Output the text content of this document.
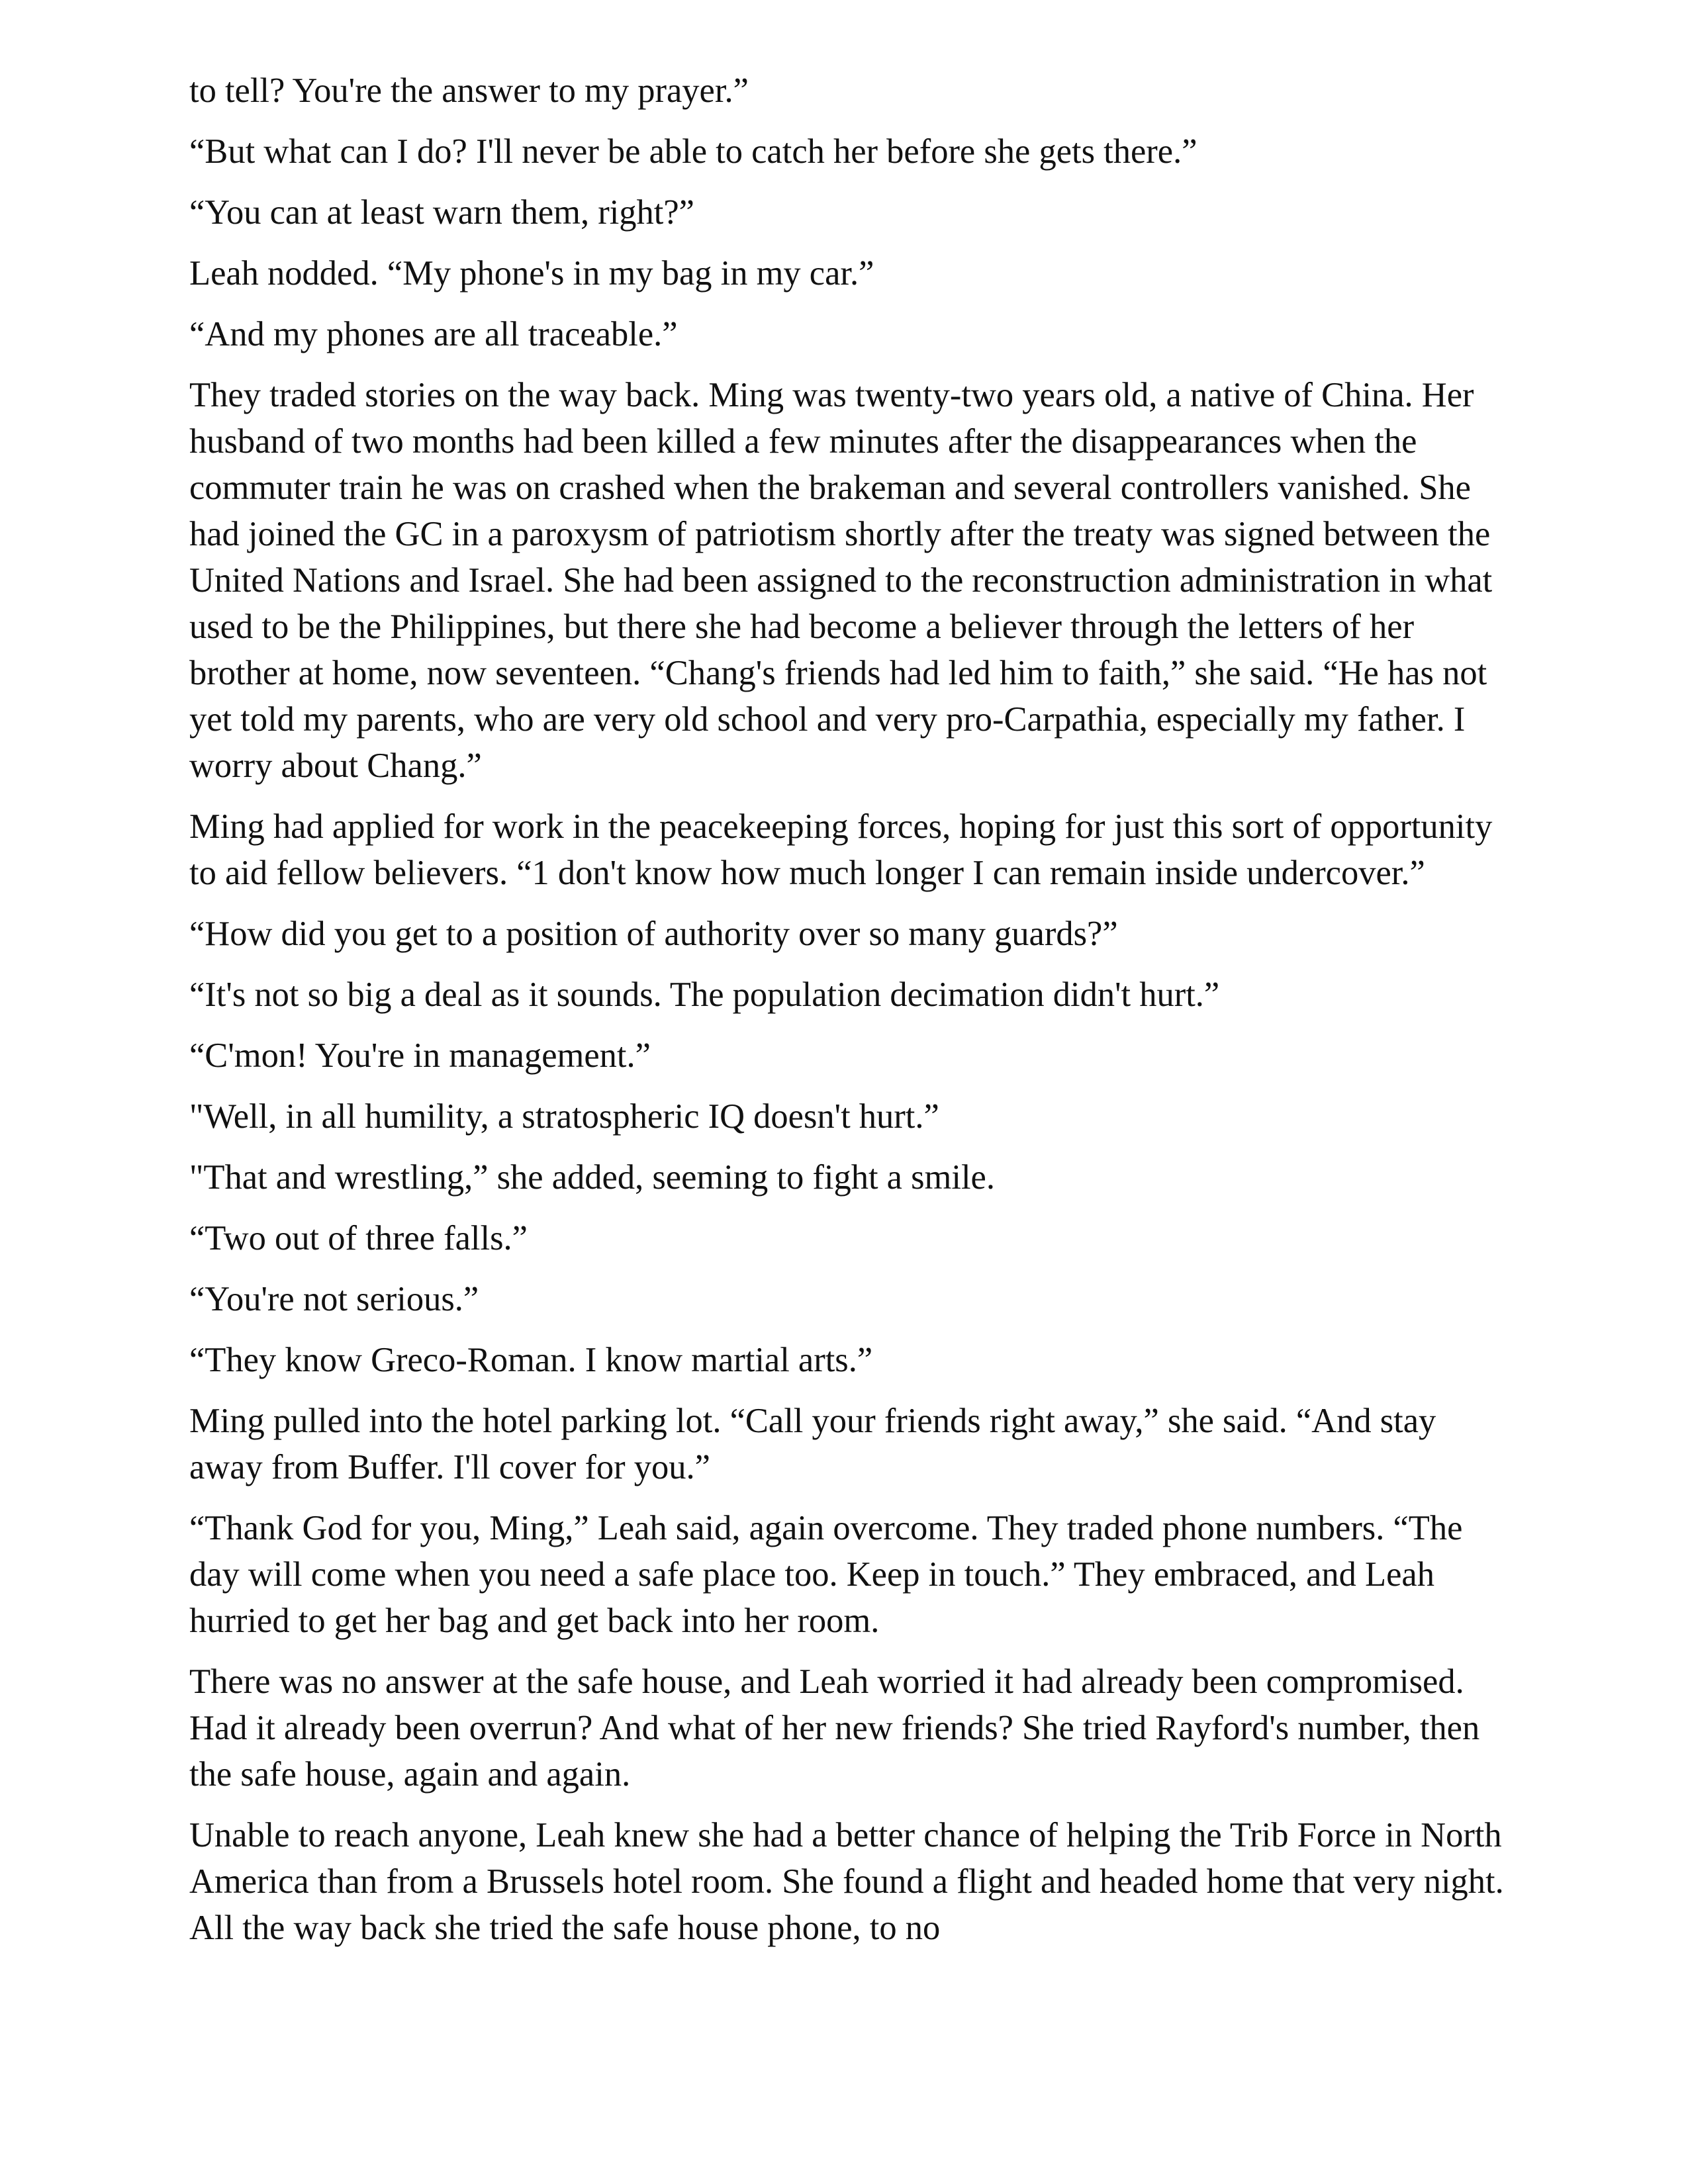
to tell? You're the answer to my prayer.”

“But what can I do? I'll never be able to catch her before she gets there.”

“You can at least warn them, right?”

Leah nodded. “My phone's in my bag in my car.”

“And my phones are all traceable.”

They traded stories on the way back. Ming was twenty-two years old, a native of China. Her husband of two months had been killed a few minutes after the disappearances when the commuter train he was on crashed when the brakeman and several controllers vanished. She had joined the GC in a paroxysm of patriotism shortly after the treaty was signed between the United Nations and Israel. She had been assigned to the reconstruction administration in what used to be the Philippines, but there she had become a believer through the letters of her brother at home, now seventeen. “Chang's friends had led him to faith,” she said. “He has not yet told my parents, who are very old school and very pro-Carpathia, especially my father. I worry about Chang.”

Ming had applied for work in the peacekeeping forces, hoping for just this sort of opportunity to aid fellow believers. “1 don't know how much longer I can remain inside undercover.”

“How did you get to a position of authority over so many guards?”

“It's not so big a deal as it sounds. The population decimation didn't hurt.”

“C'mon! You're in management.”

"Well, in all humility, a stratospheric IQ doesn't hurt.”

"That and wrestling,” she added, seeming to fight a smile.

“Two out of three falls.”

“You're not serious.”

“They know Greco-Roman. I know martial arts.”

Ming pulled into the hotel parking lot. “Call your friends right away,” she said. “And stay away from Buffer. I'll cover for you.”

“Thank God for you, Ming,” Leah said, again overcome. They traded phone numbers. “The day will come when you need a safe place too. Keep in touch.” They embraced, and Leah hurried to get her bag and get back into her room.

There was no answer at the safe house, and Leah worried it had already been compromised. Had it already been overrun? And what of her new friends? She tried Rayford's number, then the safe house, again and again.

Unable to reach anyone, Leah knew she had a better chance of helping the Trib Force in North America than from a Brussels hotel room. She found a flight and headed home that very night. All the way back she tried the safe house phone, to no
